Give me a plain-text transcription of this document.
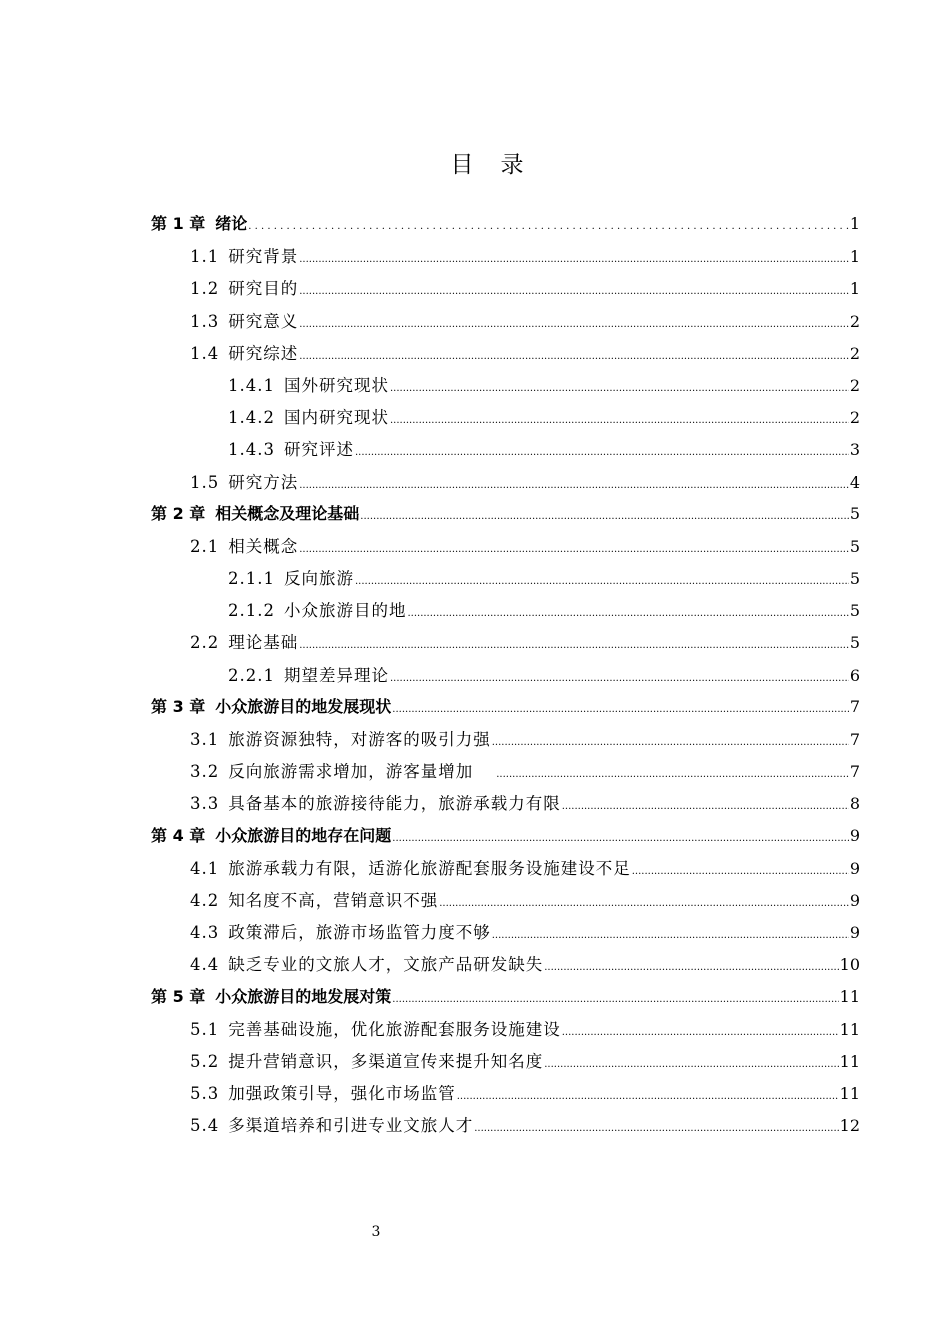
目　录
第 1 章 绪论 . . .	1
1.1 研究背景 .....	1
1.2 研究目的 .....	1
1.3 研究意义 .....	2
1.4 研究综述 .....	2
1.4.1 国外研究现状 .....	2
1.4.2 国内研究现状 .....	2
1.4.3 研究评述 .....	3
1.5 研究方法 .....	4
第 2 章 相关概念及理论基础 .....	5
2.1 相关概念 .....	5
2.1.1 反向旅游 .....	5
2.1.2 小众旅游目的地 .....	5
2.2 理论基础 .....	5
2.2.1 期望差异理论 .....	6
第 3 章 小众旅游目的地发展现状 .....	7
3.1 旅游资源独特，对游客的吸引力强 .....	7
3.2 反向旅游需求增加，游客量增加 .....	7
3.3 具备基本的旅游接待能力，旅游承载力有限 .....	8
第 4 章 小众旅游目的地存在问题 .....	9
4.1 旅游承载力有限，适游化旅游配套服务设施建设不足 .....	9
4.2 知名度不高，营销意识不强 .....	9
4.3 政策滞后，旅游市场监管力度不够 .....	9
4.4 缺乏专业的文旅人才，文旅产品研发缺失 .....	10
第 5 章 小众旅游目的地发展对策 .....	11
5.1 完善基础设施，优化旅游配套服务设施建设 .....	11
5.2 提升营销意识，多渠道宣传来提升知名度 .....	11
5.3 加强政策引导，强化市场监管 .....	11
5.4 多渠道培养和引进专业文旅人才 .....	12
3
